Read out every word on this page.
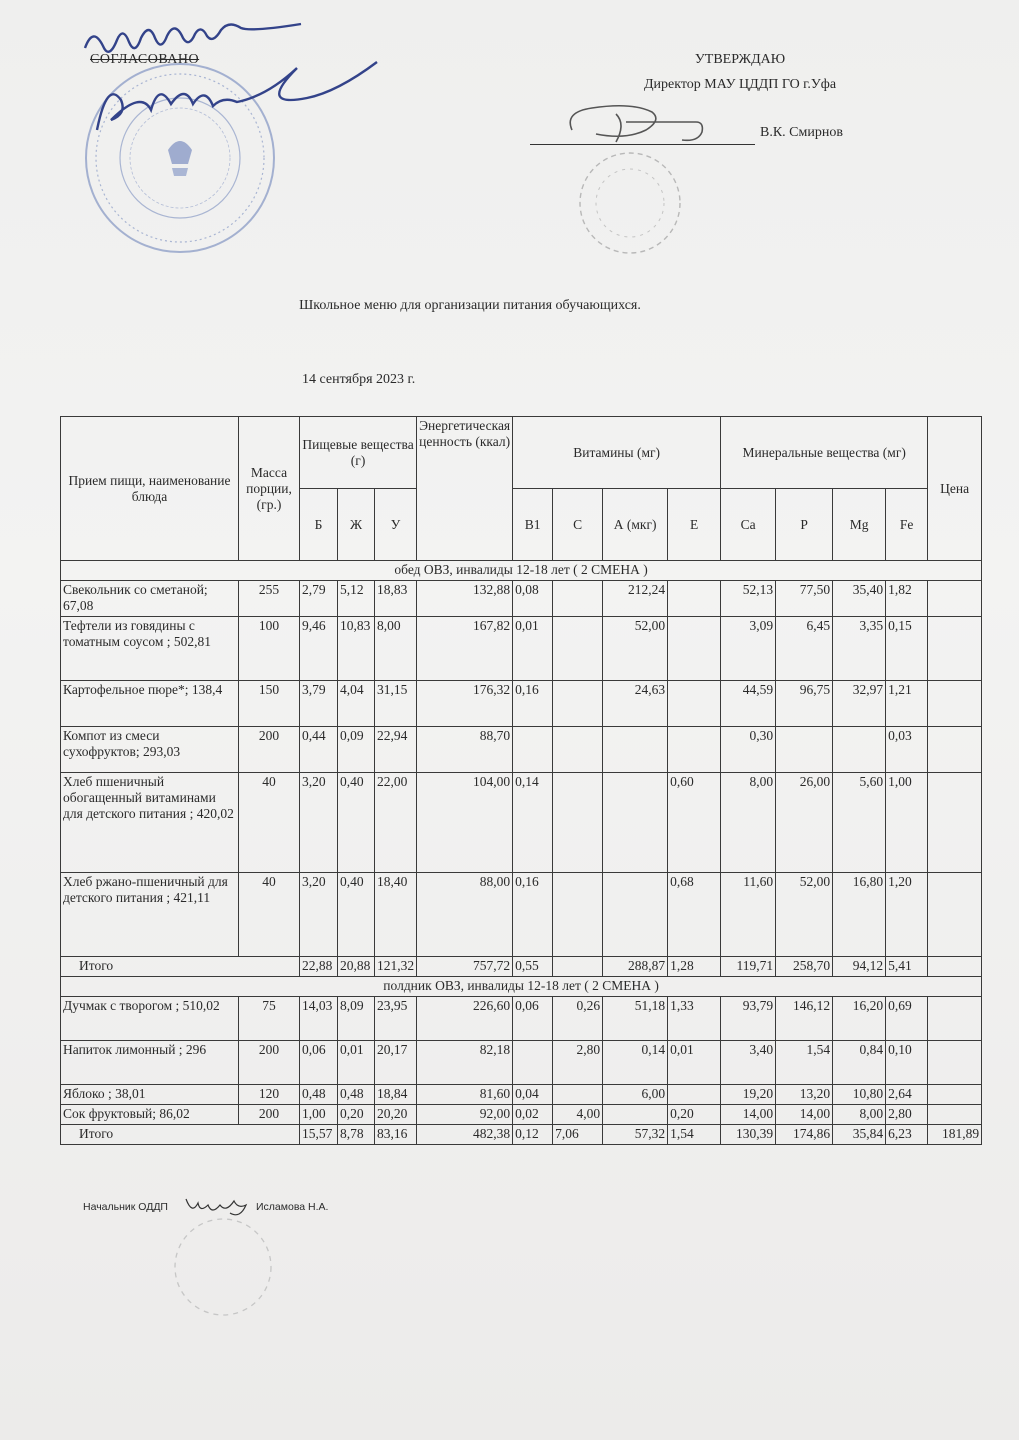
СОГЛАСОВАНО	УТВЕРЖДАЮ
Директор МАУ ЦДДП ГО г.Уфа
В.К. Смирнов
Школьное меню для организации питания обучающихся.
14 сентября 2023 г.
Прием пищи, наименование блюда	Масса порции, (гр.)	Пищевые вещества (г)			Энергетическая ценность (ккал)	Витамины (мг)				Минеральные вещества (мг)				Цена
		Б	Ж	У		В1	С	А (мкг)	Е	Са	Р	Mg	Fe	
обед ОВЗ, инвалиды 12-18 лет ( 2 СМЕНА )														
Свекольник со сметаной; 67,08	255	2,79	5,12	18,83	132,88	0,08		212,24		52,13	77,50	35,40	1,82	
Тефтели из говядины с томатным соусом ; 502,81	100	9,46	10,83	8,00	167,82	0,01		52,00		3,09	6,45	3,35	0,15	
Картофельное пюре*; 138,4	150	3,79	4,04	31,15	176,32	0,16		24,63		44,59	96,75	32,97	1,21	
Компот из смеси сухофруктов; 293,03	200	0,44	0,09	22,94	88,70					0,30			0,03	
Хлеб пшеничный обогащенный витаминами для детского питания ; 420,02	40	3,20	0,40	22,00	104,00	0,14			0,60	8,00	26,00	5,60	1,00	
Хлеб ржано-пшеничный для детского питания ; 421,11	40	3,20	0,40	18,40	88,00	0,16			0,68	11,60	52,00	16,80	1,20	
Итого		22,88	20,88	121,32	757,72	0,55		288,87	1,28	119,71	258,70	94,12	5,41	
полдник ОВЗ, инвалиды 12-18 лет ( 2 СМЕНА )														
Дучмак с творогом ; 510,02	75	14,03	8,09	23,95	226,60	0,06	0,26	51,18	1,33	93,79	146,12	16,20	0,69	
Напиток лимонный ; 296	200	0,06	0,01	20,17	82,18		2,80	0,14	0,01	3,40	1,54	0,84	0,10	
Яблоко ; 38,01	120	0,48	0,48	18,84	81,60	0,04		6,00		19,20	13,20	10,80	2,64	
Сок фруктовый; 86,02	200	1,00	0,20	20,20	92,00	0,02	4,00		0,20	14,00	14,00	8,00	2,80	
Итого		15,57	8,78	83,16	482,38	0,12	7,06	57,32	1,54	130,39	174,86	35,84	6,23	181,89
Начальник ОДДП	Исламова Н.А.
